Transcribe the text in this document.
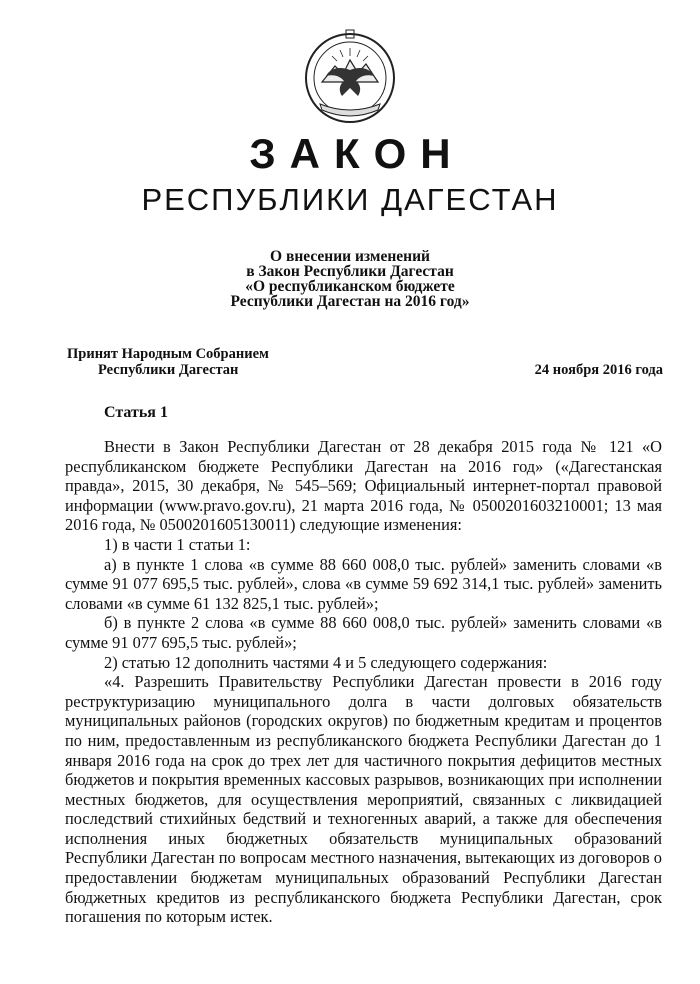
ЗАКОН
РЕСПУБЛИКИ ДАГЕСТАН
О внесении изменений
в Закон Республики Дагестан
«О республиканском бюджете
Республики Дагестан на 2016 год»
Принят Народным Собранием
Республики Дагестан	24 ноября 2016 года
Статья 1

Внести в Закон Республики Дагестан от 28 декабря 2015 года № 121 «О республиканском бюджете Республики Дагестан на 2016 год» («Дагестанская правда», 2015, 30 декабря, № 545–569; Официальный интернет-портал правовой информации (www.pravo.gov.ru), 21 марта 2016 года, № 0500201603210001; 13 мая 2016 года, № 0500201605130011) следующие изменения:

1) в части 1 статьи 1:

а) в пункте 1 слова «в сумме 88 660 008,0 тыс. рублей» заменить словами «в сумме 91 077 695,5 тыс. рублей», слова «в сумме 59 692 314,1 тыс. рублей» заменить словами «в сумме 61 132 825,1 тыс. рублей»;

б) в пункте 2 слова «в сумме 88 660 008,0 тыс. рублей» заменить словами «в сумме 91 077 695,5 тыс. рублей»;

2) статью 12 дополнить частями 4 и 5 следующего содержания:

«4. Разрешить Правительству Республики Дагестан провести в 2016 году реструктуризацию муниципального долга в части долговых обязательств муниципальных районов (городских округов) по бюджетным кредитам и процентов по ним, предоставленным из республиканского бюджета Республики Дагестан до 1 января 2016 года на срок до трех лет для частичного покрытия дефицитов местных бюджетов и покрытия временных кассовых разрывов, возникающих при исполнении местных бюджетов, для осуществления мероприятий, связанных с ликвидацией последствий стихийных бедствий и техногенных аварий, а также для обеспечения исполнения иных бюджетных обязательств муниципальных образований Республики Дагестан по вопросам местного назначения, вытекающих из договоров о предоставлении бюджетам муниципальных образований Республики Дагестан бюджетных кредитов из республиканского бюджета Республики Дагестан, срок погашения по которым истек.
